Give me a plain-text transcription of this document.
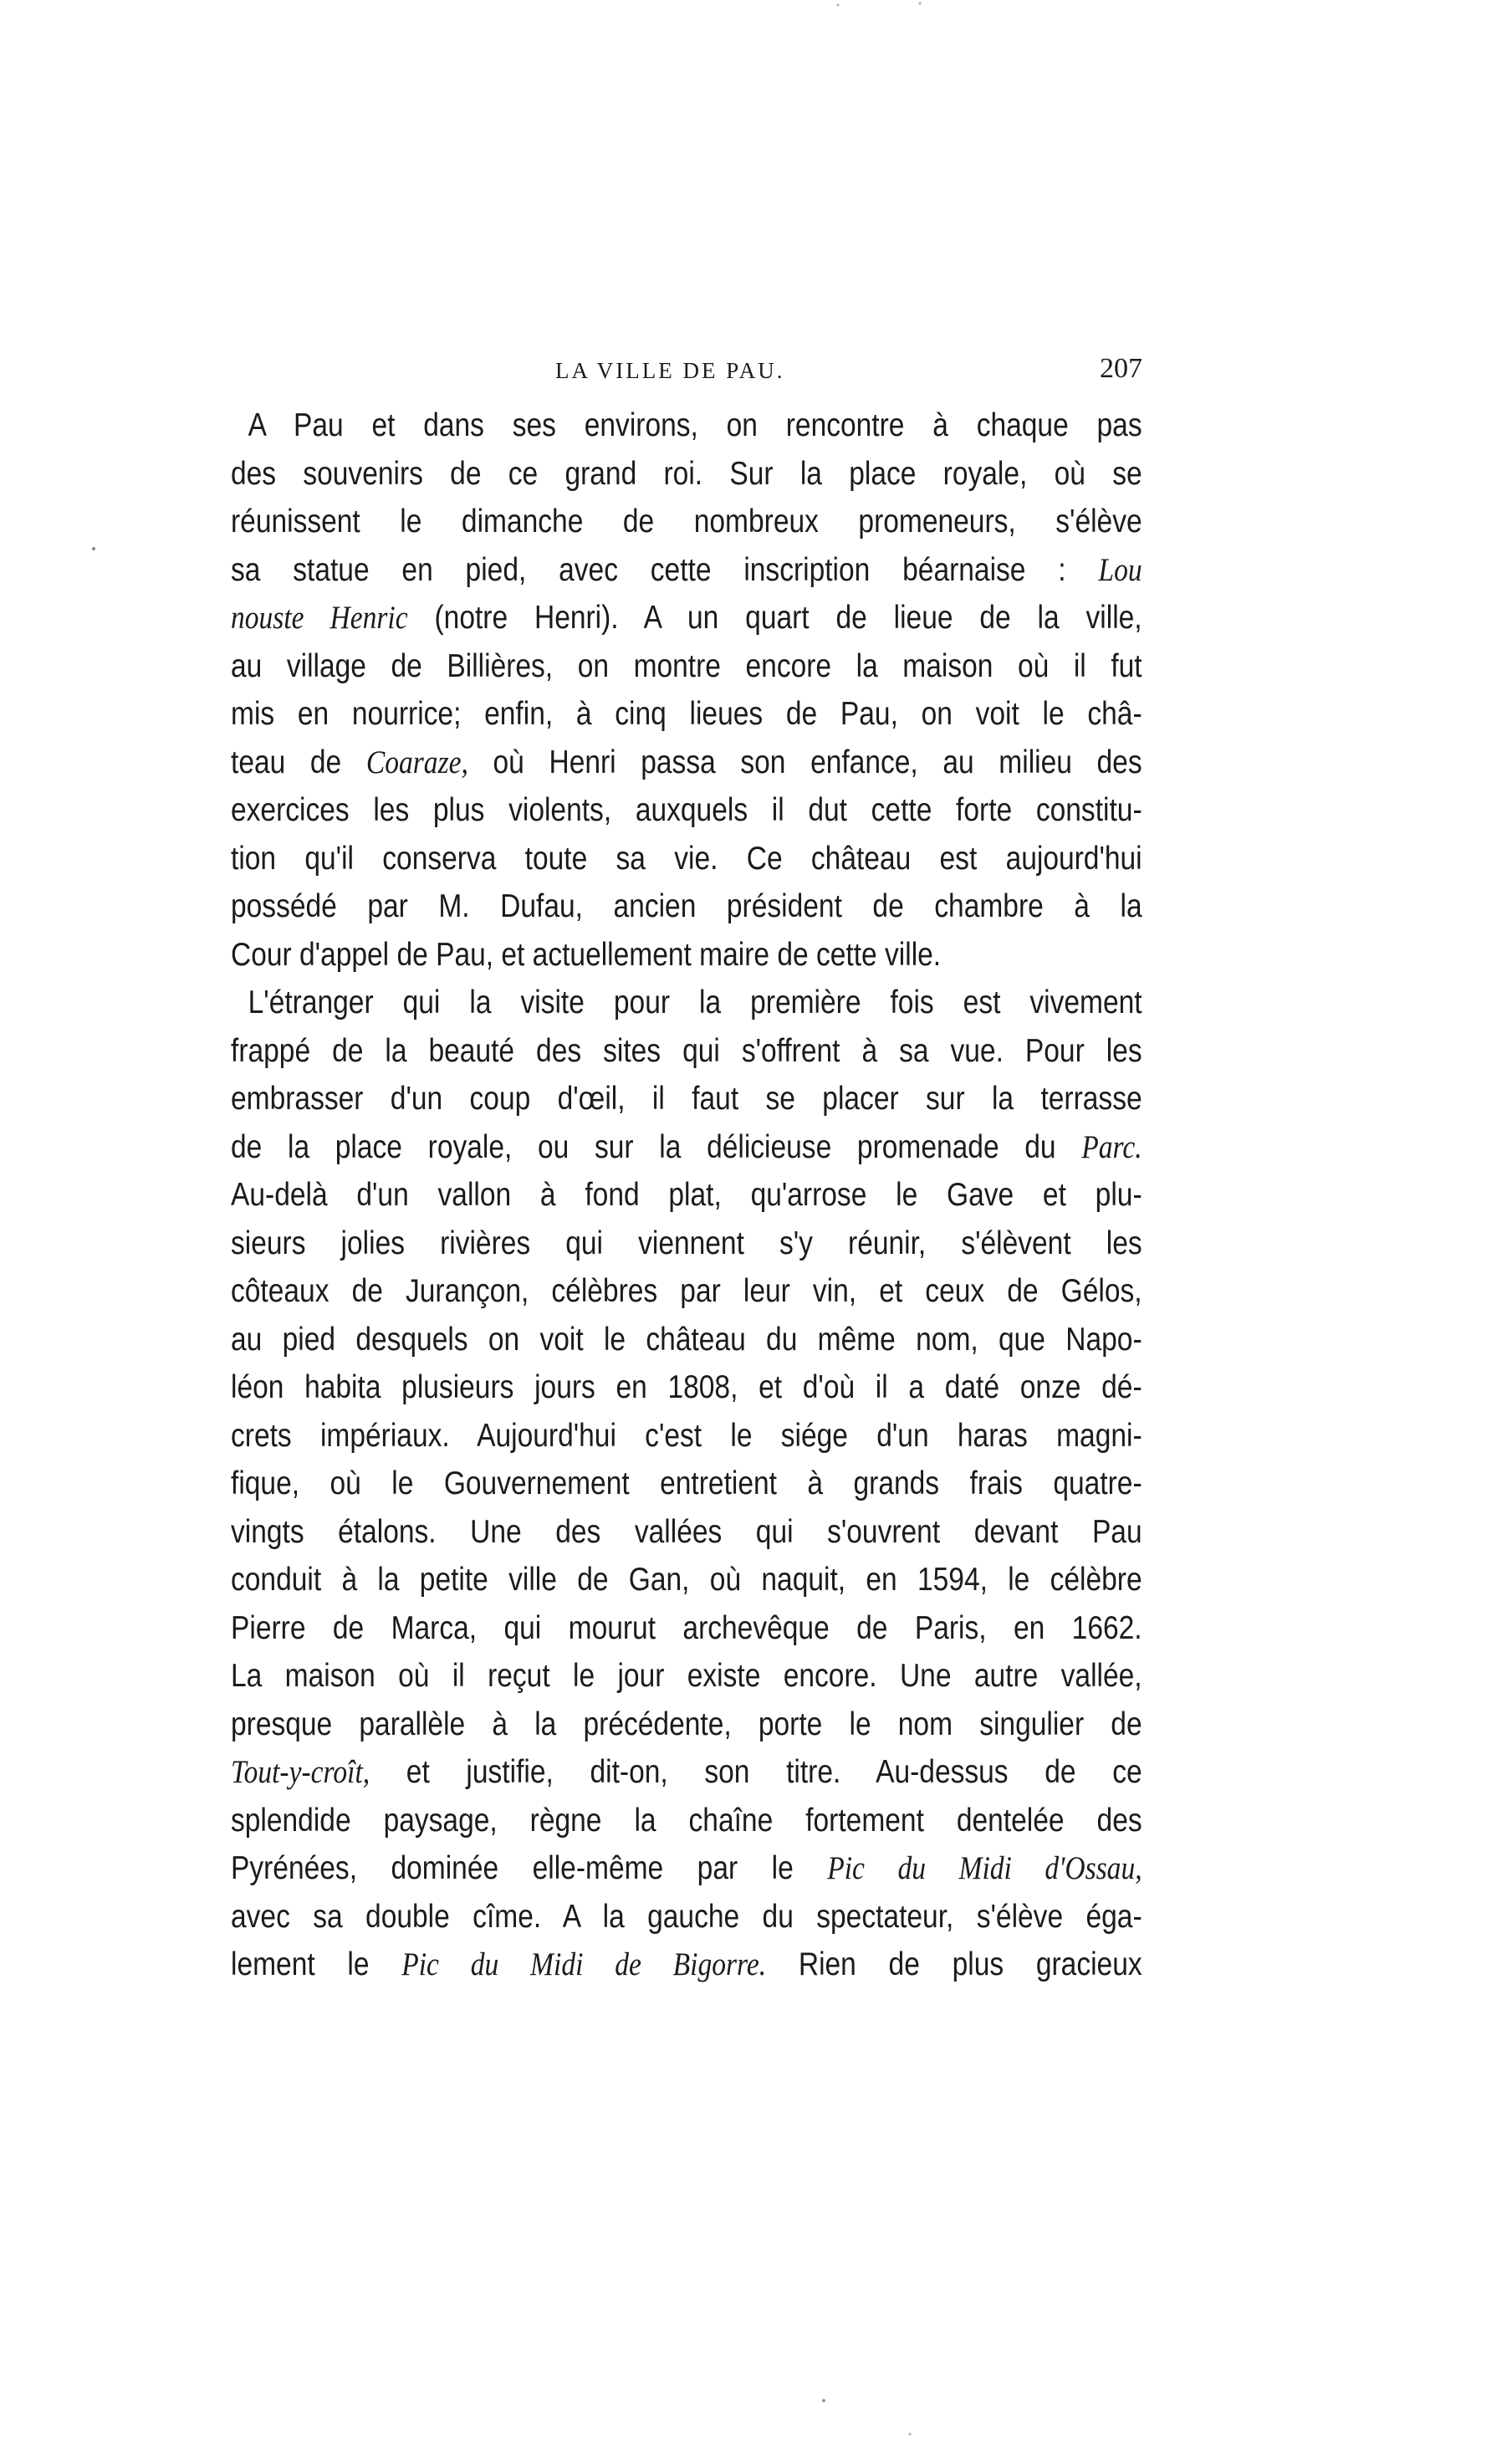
LA VILLE DE PAU.	207
A Pau et dans ses environs, on rencontre à chaque pas
des souvenirs de ce grand roi. Sur la place royale, où se
réunissent le dimanche de nombreux promeneurs, s'élève
sa statue en pied, avec cette inscription béarnaise : Lou
nouste Henric (notre Henri). A un quart de lieue de la ville,
au village de Billières, on montre encore la maison où il fut
mis en nourrice; enfin, à cinq lieues de Pau, on voit le châ-
teau de Coaraze, où Henri passa son enfance, au milieu des
exercices les plus violents, auxquels il dut cette forte constitu-
tion qu'il conserva toute sa vie. Ce château est aujourd'hui
possédé par M. Dufau, ancien président de chambre à la
Cour d'appel de Pau, et actuellement maire de cette ville.
L'étranger qui la visite pour la première fois est vivement
frappé de la beauté des sites qui s'offrent à sa vue. Pour les
embrasser d'un coup d'œil, il faut se placer sur la terrasse
de la place royale, ou sur la délicieuse promenade du Parc.
Au-delà d'un vallon à fond plat, qu'arrose le Gave et plu-
sieurs jolies rivières qui viennent s'y réunir, s'élèvent les
côteaux de Jurançon, célèbres par leur vin, et ceux de Gélos,
au pied desquels on voit le château du même nom, que Napo-
léon habita plusieurs jours en 1808, et d'où il a daté onze dé-
crets impériaux. Aujourd'hui c'est le siége d'un haras magni-
fique, où le Gouvernement entretient à grands frais quatre-
vingts étalons. Une des vallées qui s'ouvrent devant Pau
conduit à la petite ville de Gan, où naquit, en 1594, le célèbre
Pierre de Marca, qui mourut archevêque de Paris, en 1662.
La maison où il reçut le jour existe encore. Une autre vallée,
presque parallèle à la précédente, porte le nom singulier de
Tout-y-croît, et justifie, dit-on, son titre. Au-dessus de ce
splendide paysage, règne la chaîne fortement dentelée des
Pyrénées, dominée elle-même par le Pic du Midi d'Ossau,
avec sa double cîme. A la gauche du spectateur, s'élève éga-
lement le Pic du Midi de Bigorre. Rien de plus gracieux
